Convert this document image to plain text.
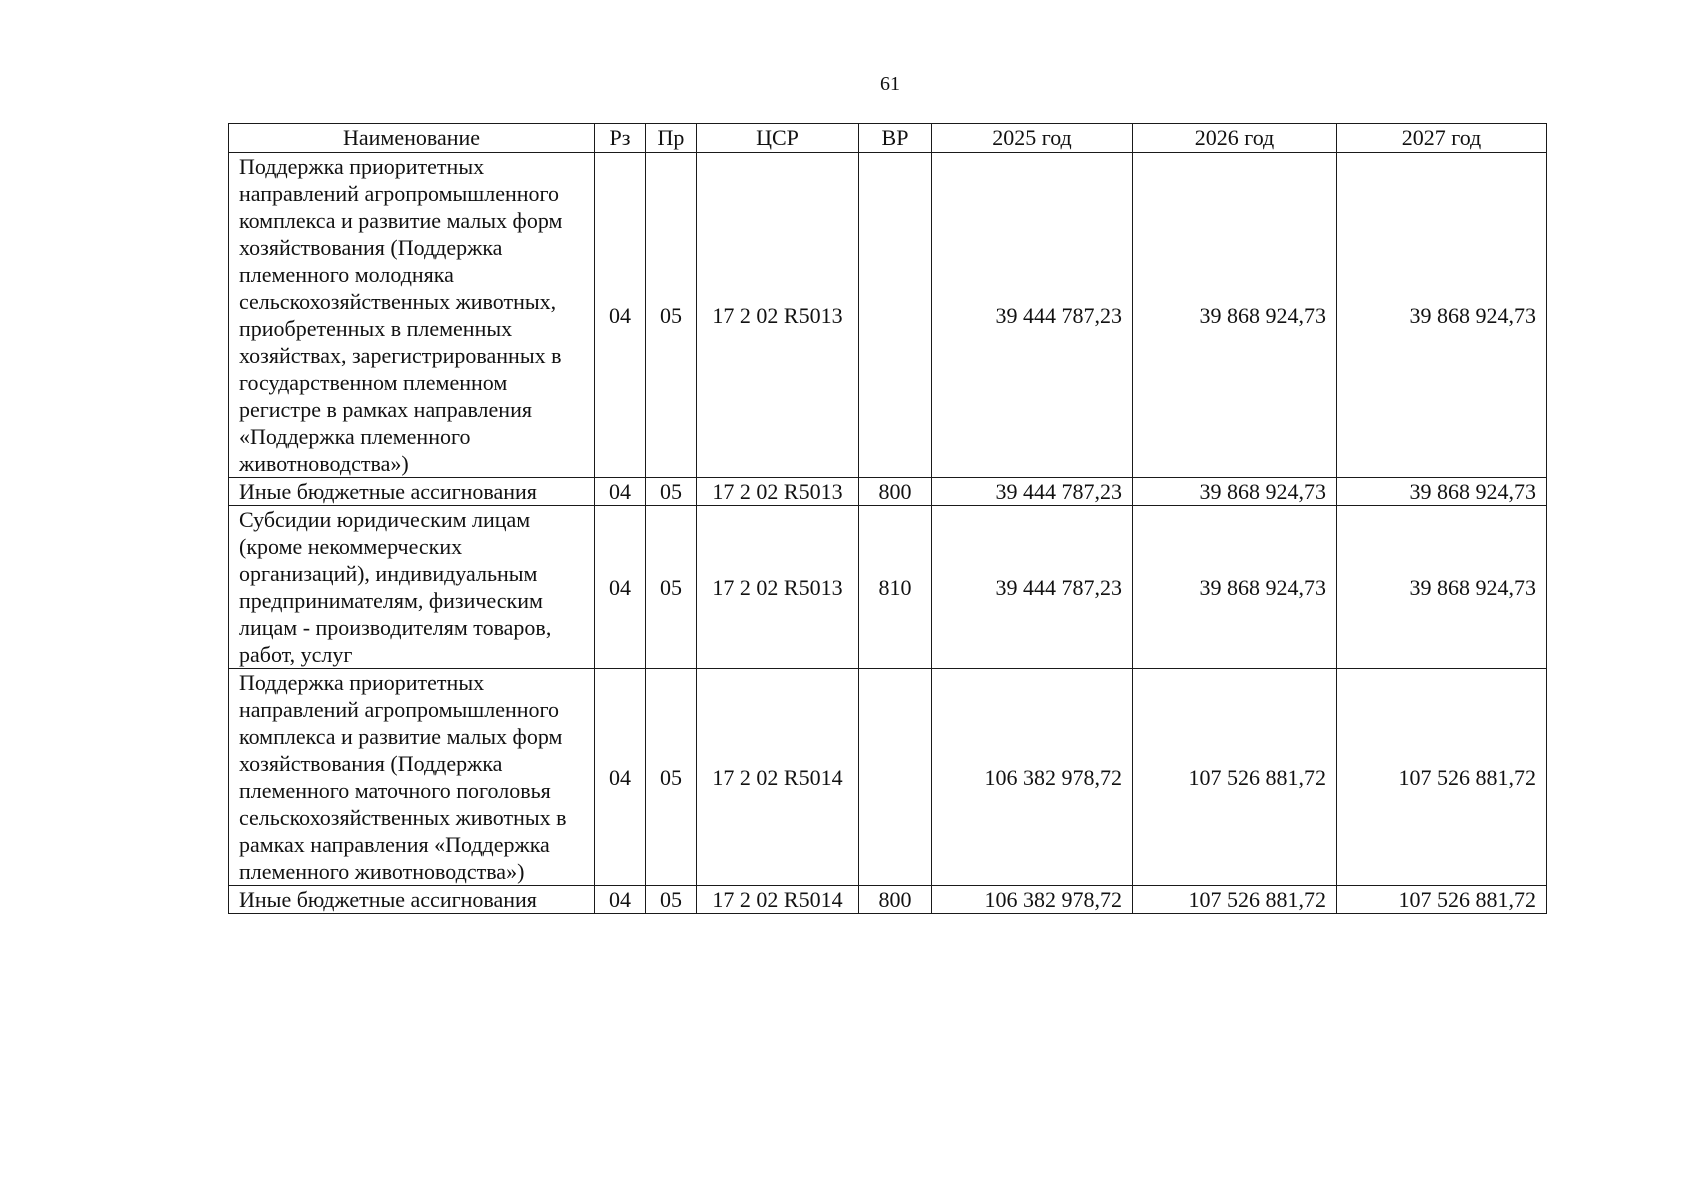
61
Наименование	Рз	Пр	ЦСР	ВР	2025 год	2026 год	2027 год
Поддержка приоритетных направлений агропромышленного комплекса и развитие малых форм хозяйствования (Поддержка племенного молодняка сельскохозяйственных животных, приобретенных в племенных хозяйствах, зарегистрированных в государственном племенном регистре в рамках направления «Поддержка племенного животноводства»)	04	05	17 2 02 R5013		39 444 787,23	39 868 924,73	39 868 924,73
Иные бюджетные ассигнования	04	05	17 2 02 R5013	800	39 444 787,23	39 868 924,73	39 868 924,73
Субсидии юридическим лицам (кроме некоммерческих организаций), индивидуальным предпринимателям, физическим лицам - производителям товаров, работ, услуг	04	05	17 2 02 R5013	810	39 444 787,23	39 868 924,73	39 868 924,73
Поддержка приоритетных направлений агропромышленного комплекса и развитие малых форм хозяйствования (Поддержка племенного маточного поголовья сельскохозяйственных животных в рамках направления «Поддержка племенного животноводства»)	04	05	17 2 02 R5014		106 382 978,72	107 526 881,72	107 526 881,72
Иные бюджетные ассигнования	04	05	17 2 02 R5014	800	106 382 978,72	107 526 881,72	107 526 881,72
